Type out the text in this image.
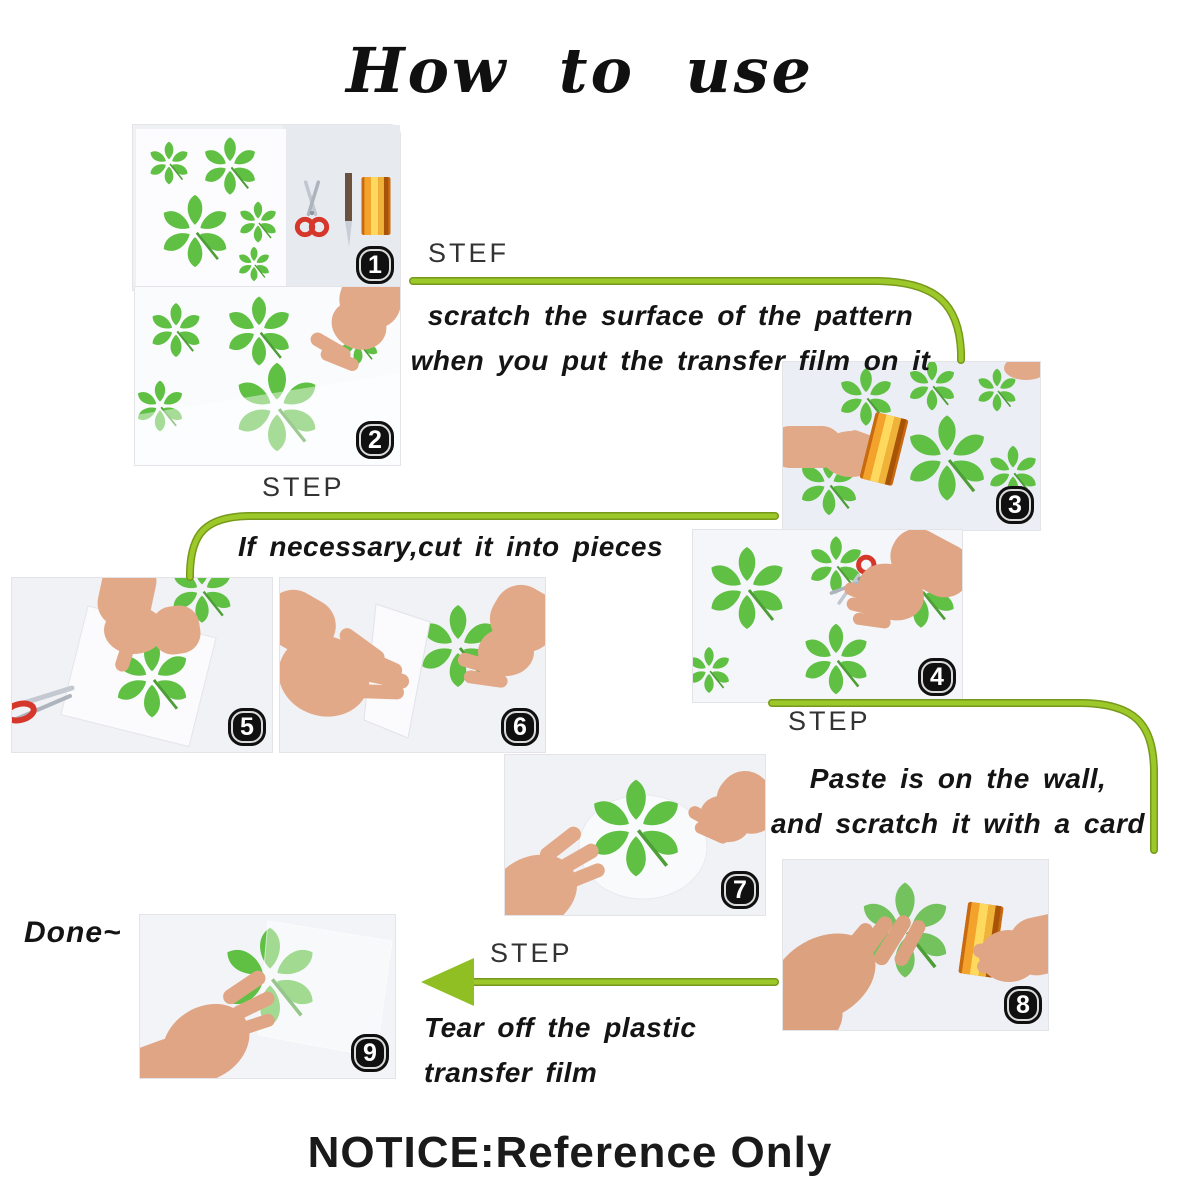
How to use
1
2
3
4
5	6
7
8
9
STEF
scratch the surface of the pattern
when you put the transfer film on it
STEP
If necessary,cut it into pieces
STEP
Paste is on the wall,
and scratch it with a card
Done~
STEP
Tear off the plastic
transfer film
NOTICE:Reference Only
